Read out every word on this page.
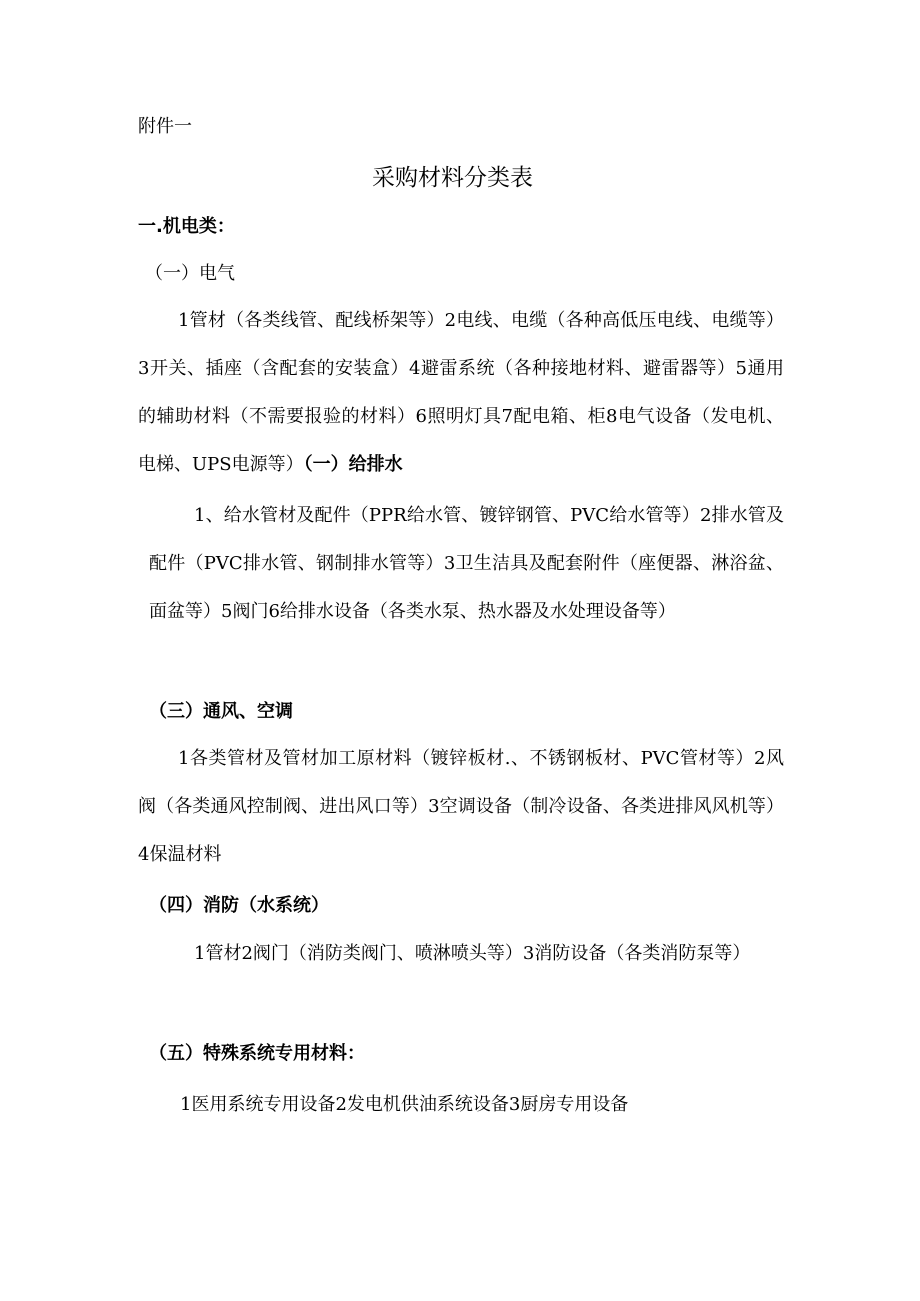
附件一
采购材料分类表
一.机电类：
（一）电气
1管材（各类线管、配线桥架等）2电线、电缆（各种高低压电线、电缆等）3开关、插座（含配套的安装盒）4避雷系统（各种接地材料、避雷器等）5通用的辅助材料（不需要报验的材料）6照明灯具7配电箱、柜8电气设备（发电机、电梯、UPS电源等）（一）给排水
1、给水管材及配件（PPR给水管、镀锌钢管、PVC给水管等）2排水管及配件（PVC排水管、钢制排水管等）3卫生洁具及配套附件（座便器、淋浴盆、面盆等）5阀门6给排水设备（各类水泵、热水器及水处理设备等）
（三）通风、空调
1各类管材及管材加工原材料（镀锌板材.、不锈钢板材、PVC管材等）2风阀（各类通风控制阀、进出风口等）3空调设备（制冷设备、各类进排风风机等）4保温材料
（四）消防（水系统）
1管材2阀门（消防类阀门、喷淋喷头等）3消防设备（各类消防泵等）
（五）特殊系统专用材料：
1医用系统专用设备2发电机供油系统设备3厨房专用设备
